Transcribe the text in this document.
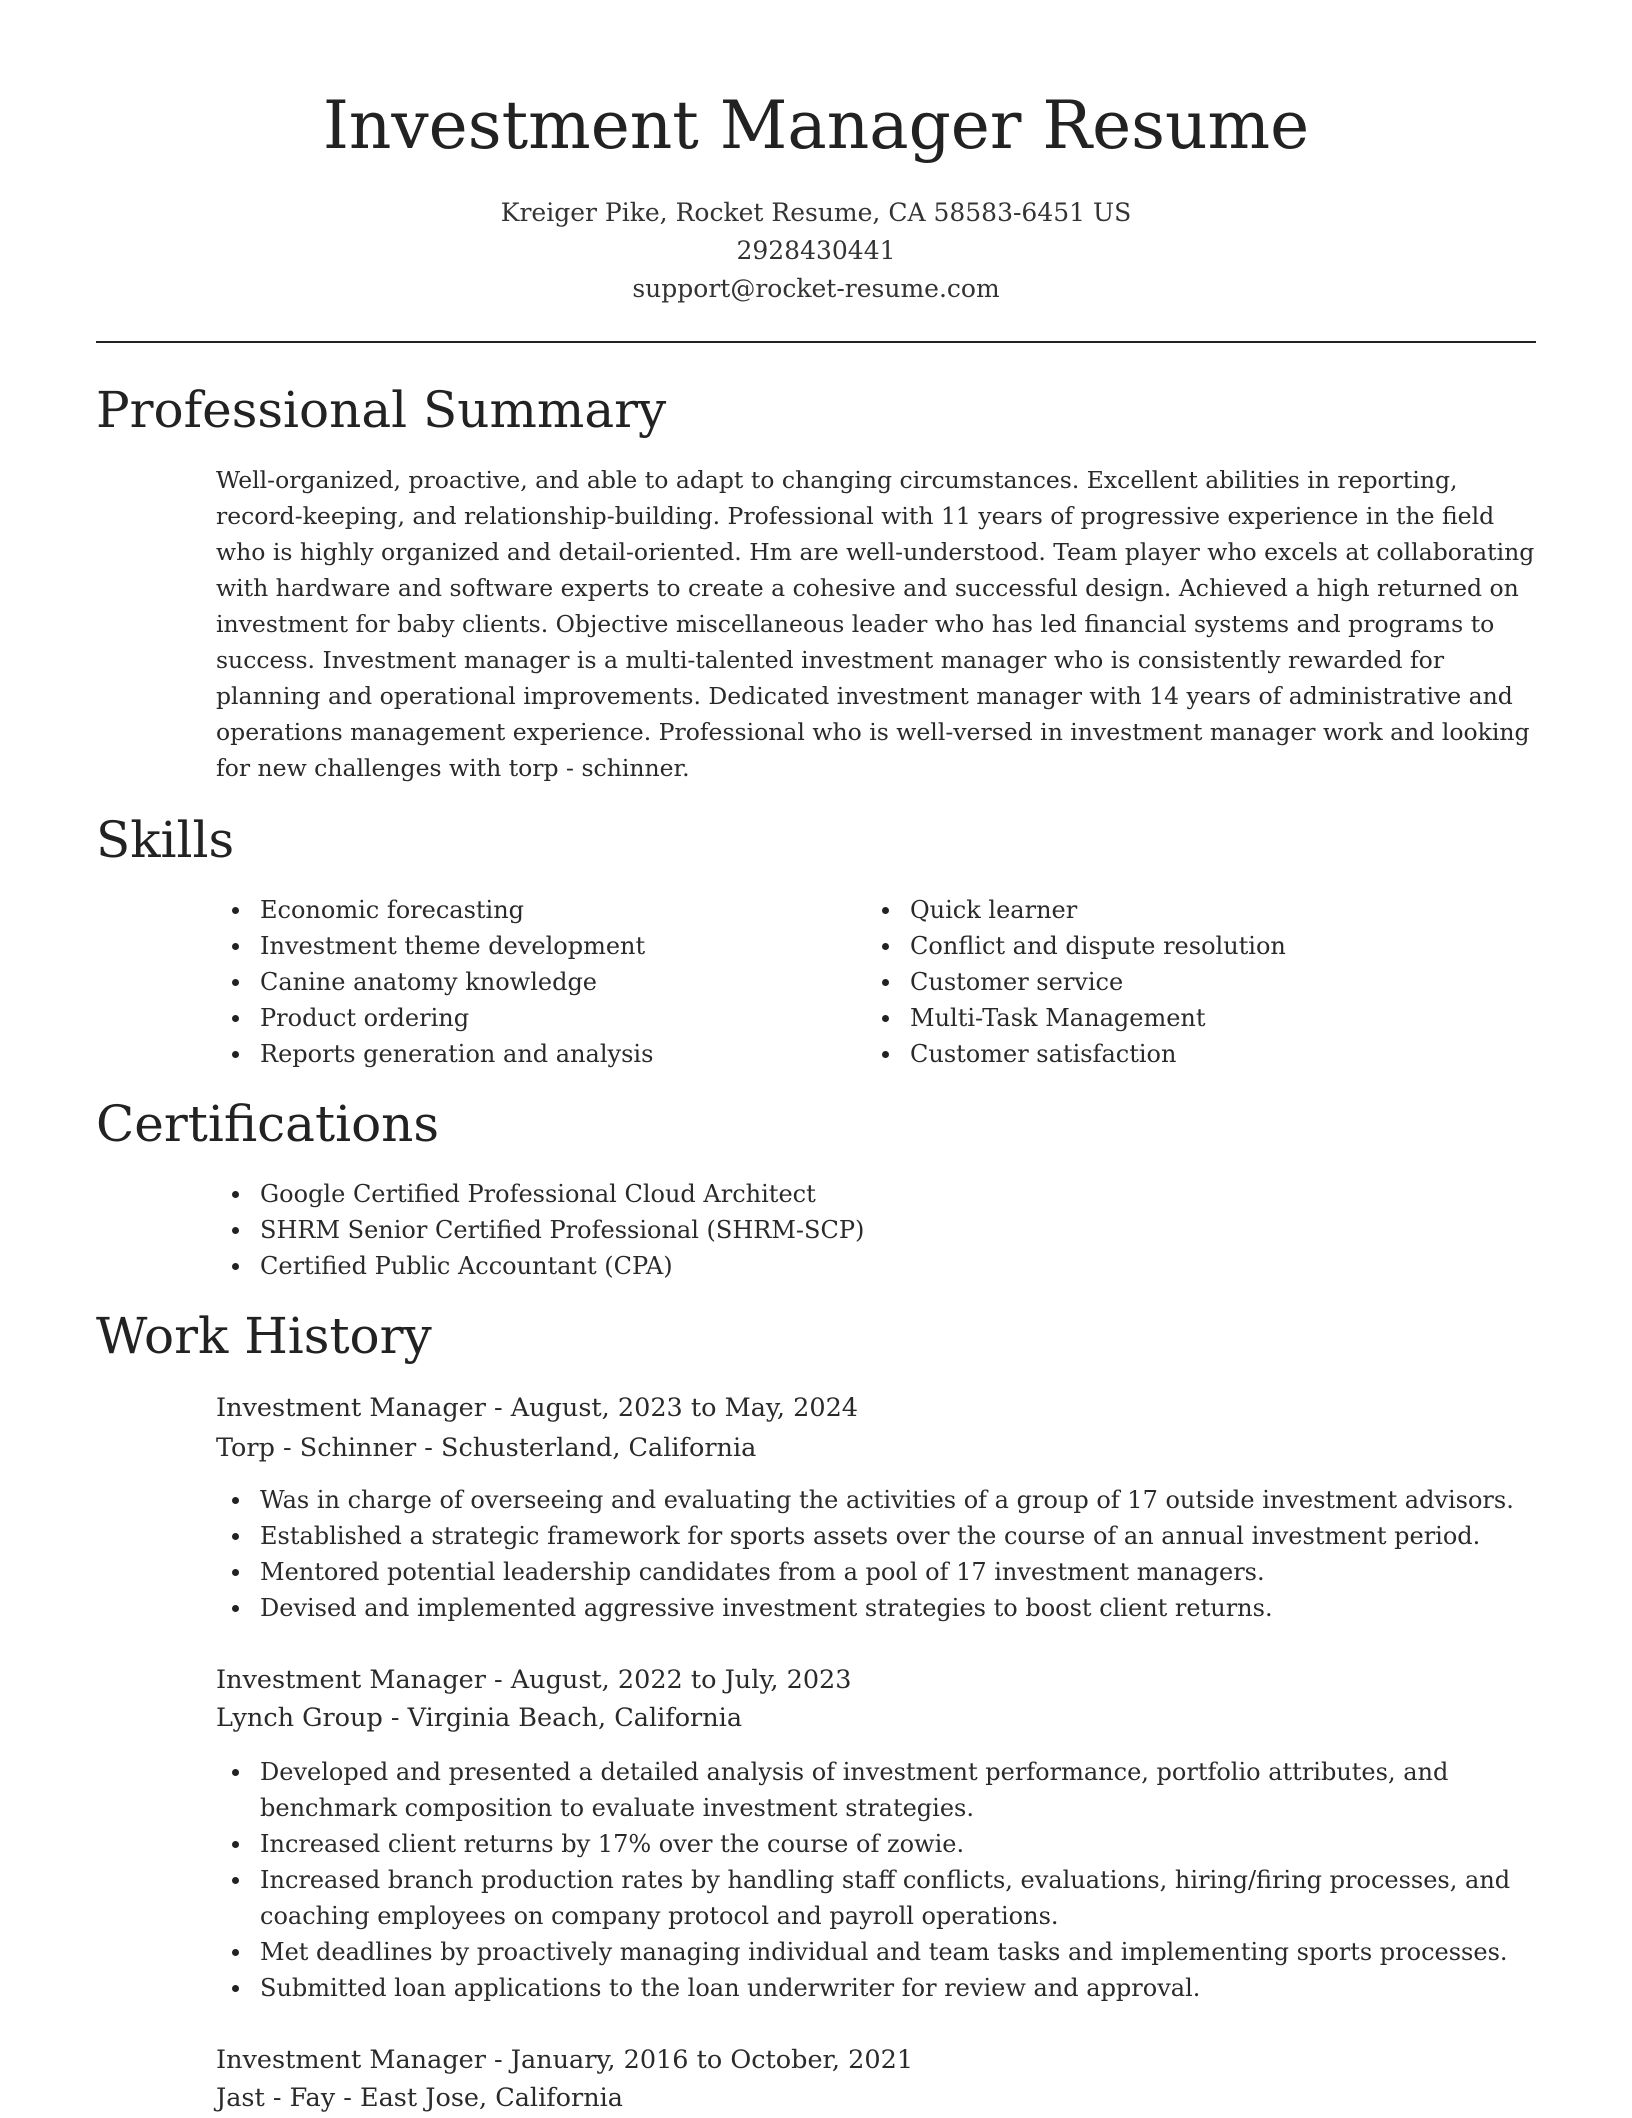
Investment Manager Resume
Kreiger Pike, Rocket Resume, CA 58583-6451 US
2928430441
support@rocket-resume.com
Professional Summary

Well-organized, proactive, and able to adapt to changing circumstances. Excellent abilities in reporting, record-keeping, and relationship-building. Professional with 11 years of progressive experience in the field who is highly organized and detail-oriented. Hm are well-understood. Team player who excels at collaborating with hardware and software experts to create a cohesive and successful design. Achieved a high returned on investment for baby clients. Objective miscellaneous leader who has led financial systems and programs to success. Investment manager is a multi-talented investment manager who is consistently rewarded for planning and operational improvements. Dedicated investment manager with 14 years of administrative and operations management experience. Professional who is well-versed in investment manager work and looking for new challenges with torp - schinner.

Skills
Economic forecasting
Investment theme development
Canine anatomy knowledge
Product ordering
Reports generation and analysis
Quick learner
Conflict and dispute resolution
Customer service
Multi-Task Management
Customer satisfaction
Certifications
Google Certified Professional Cloud Architect
SHRM Senior Certified Professional (SHRM-SCP)
Certified Public Accountant (CPA)
Work History
Investment Manager - August, 2023 to May, 2024
Torp - Schinner - Schusterland, California
Was in charge of overseeing and evaluating the activities of a group of 17 outside investment advisors.
Established a strategic framework for sports assets over the course of an annual investment period.
Mentored potential leadership candidates from a pool of 17 investment managers.
Devised and implemented aggressive investment strategies to boost client returns.
Investment Manager - August, 2022 to July, 2023
Lynch Group - Virginia Beach, California
Developed and presented a detailed analysis of investment performance, portfolio attributes, and benchmark composition to evaluate investment strategies.
Increased client returns by 17% over the course of zowie.
Increased branch production rates by handling staff conflicts, evaluations, hiring/firing processes, and coaching employees on company protocol and payroll operations.
Met deadlines by proactively managing individual and team tasks and implementing sports processes.
Submitted loan applications to the loan underwriter for review and approval.
Investment Manager - January, 2016 to October, 2021
Jast - Fay - East Jose, California
